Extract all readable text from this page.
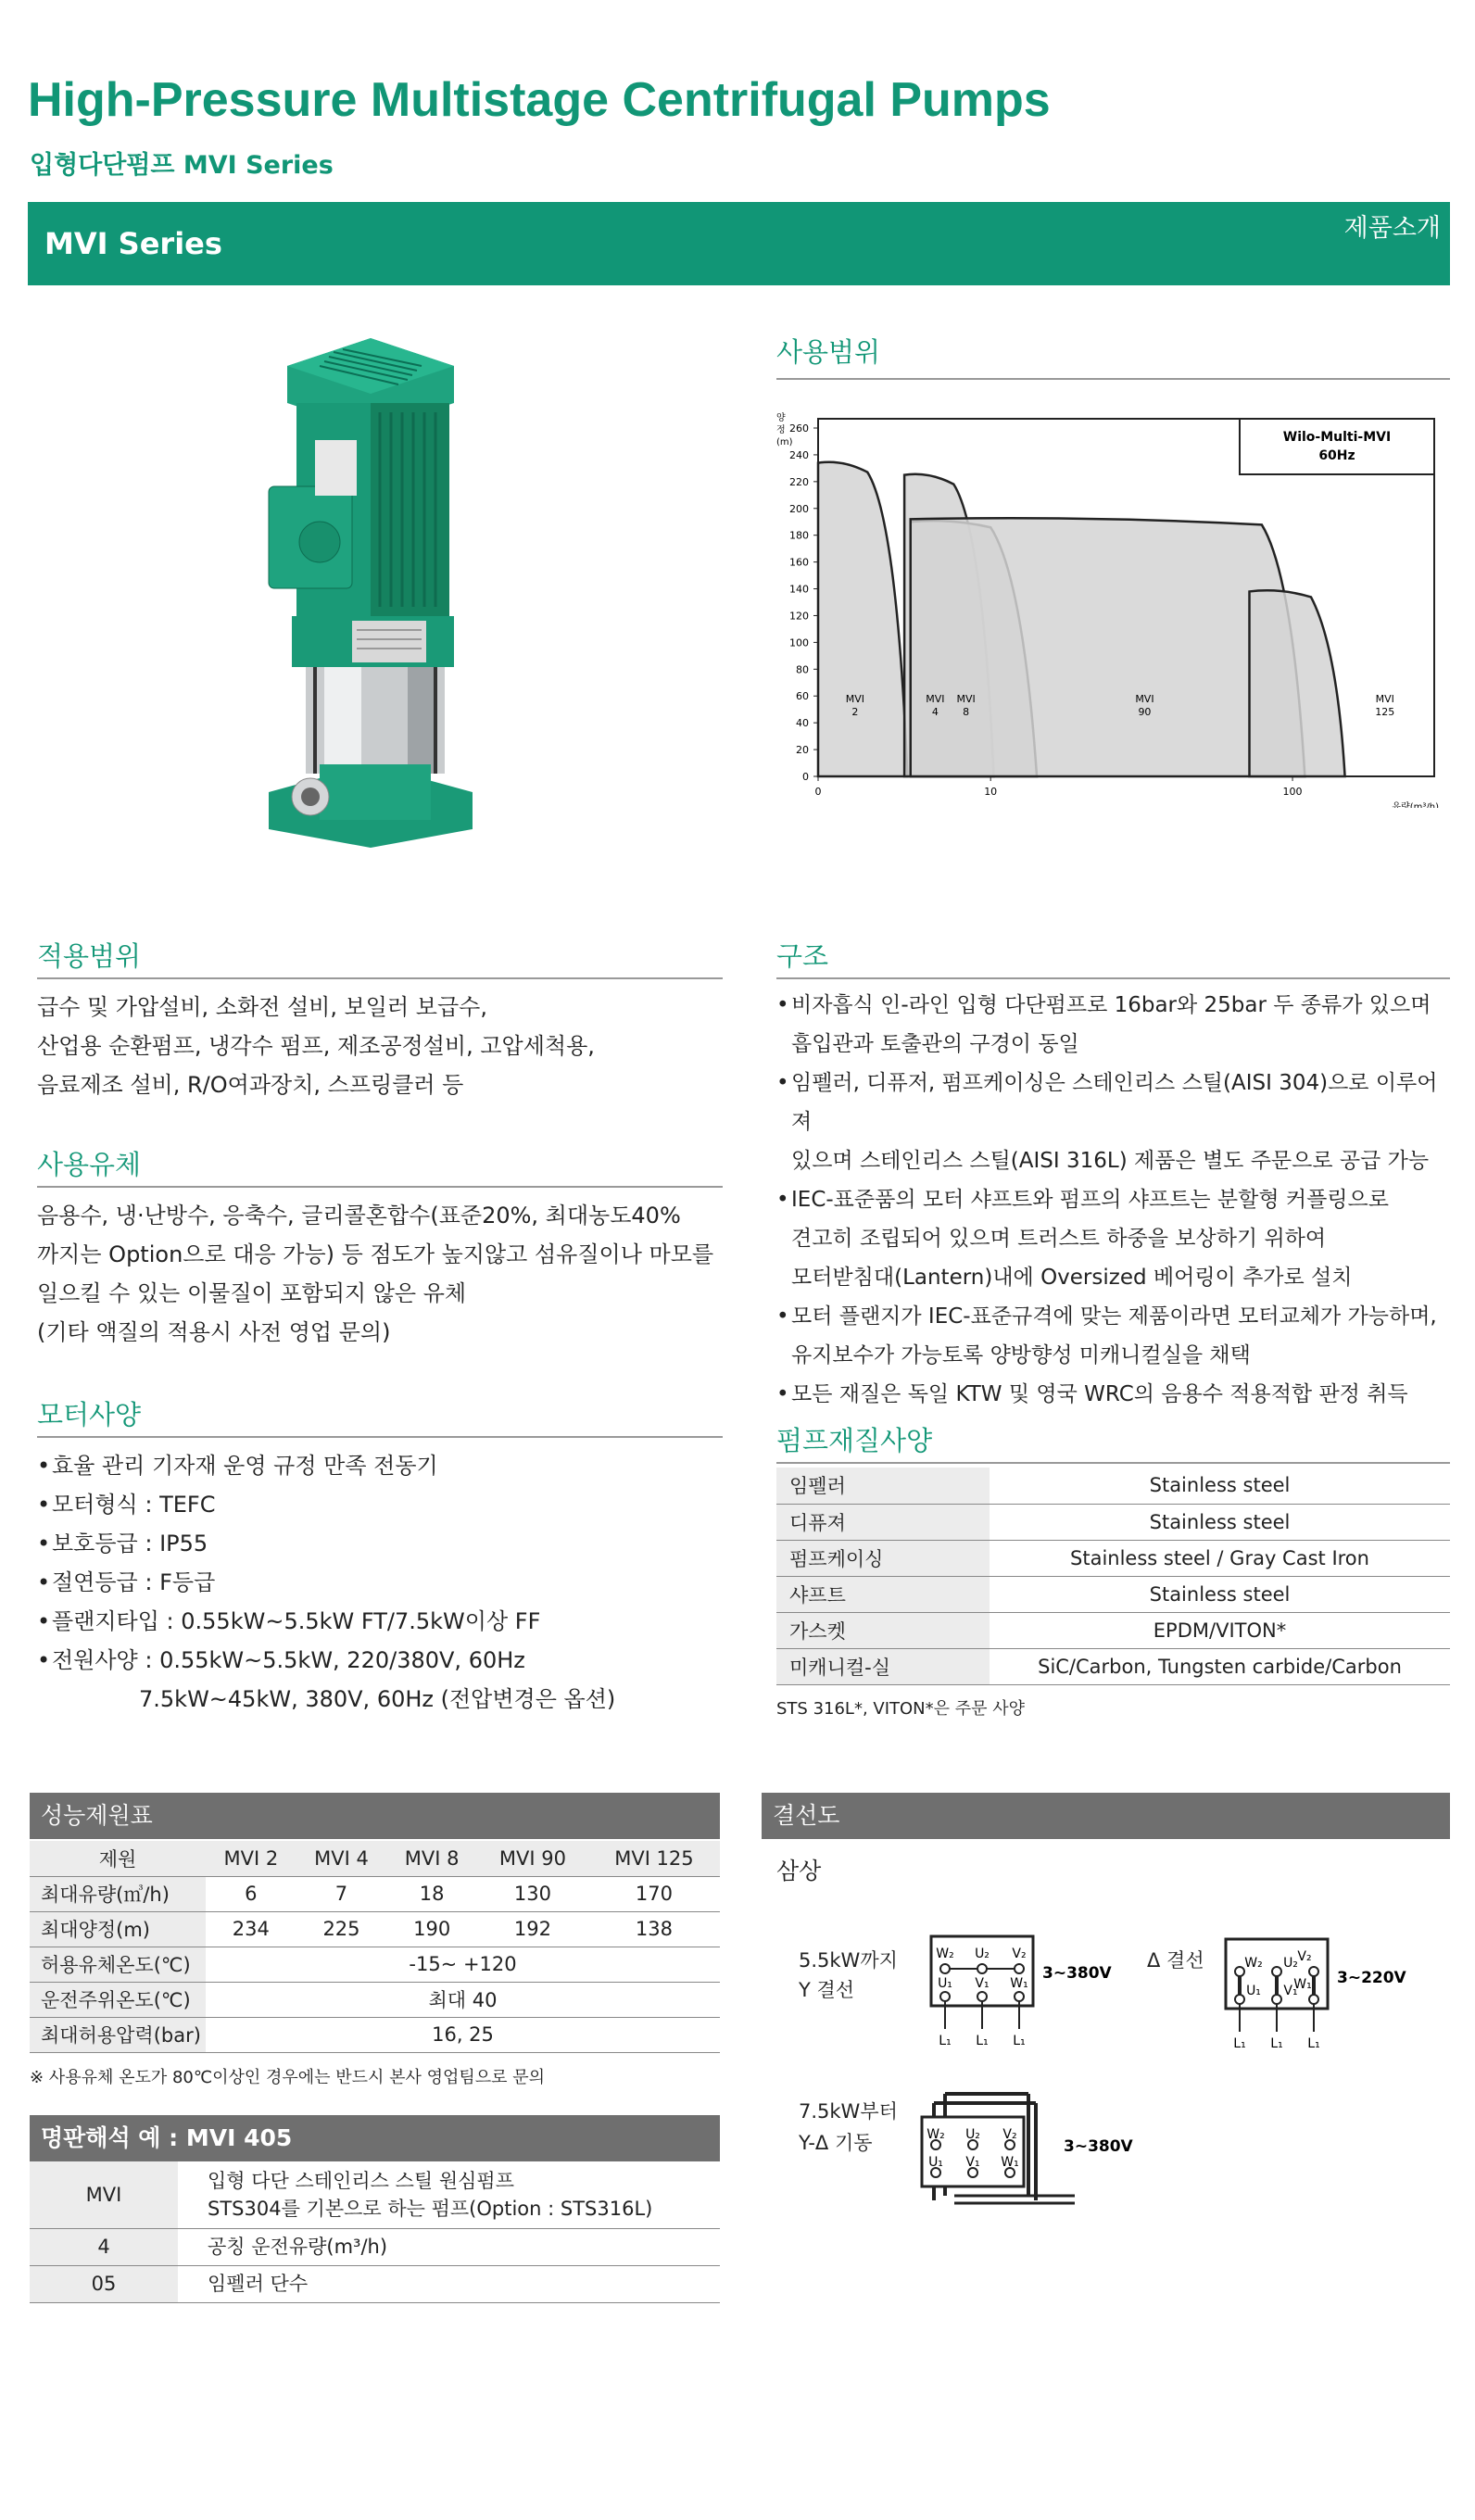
High-Pressure Multistage Centrifugal Pumps
입형다단펌프 MVI Series
MVI Series	제품소개
사용범위
0
20
40
60
80
100
120
140
160
180
200
220
240
260
양
정
(m)
0	10	100
유량(m³/h)
MVI
2
MVI
4
MVI
8
MVI
90
MVI
125
Wilo-Multi-MVI
60Hz
적용범위
급수 및 가압설비, 소화전 설비, 보일러 보급수,
산업용 순환펌프, 냉각수 펌프, 제조공정설비, 고압세척용,
음료제조 설비, R/O여과장치, 스프링클러 등
사용유체
음용수, 냉·난방수, 응축수, 글리콜혼합수(표준20%, 최대농도40%
까지는 Option으로 대응 가능) 등 점도가 높지않고 섬유질이나 마모를
일으킬 수 있는 이물질이 포함되지 않은 유체
(기타 액질의 적용시 사전 영업 문의)
모터사양
• 효율 관리 기자재 운영 규정 만족 전동기
• 모터형식 : TEFC
• 보호등급 : IP55
• 절연등급 : F등급
• 플랜지타입 : 0.55kW~5.5kW FT/7.5kW이상 FF
• 전원사양 : 0.55kW~5.5kW, 220/380V, 60Hz
7.5kW~45kW, 380V, 60Hz (전압변경은 옵션)
구조
• 비자흡식 인-라인 입형 다단펌프로 16bar와 25bar 두 종류가 있으며
흡입관과 토출관의 구경이 동일
• 임펠러, 디퓨저, 펌프케이싱은 스테인리스 스틸(AISI 304)으로 이루어져
있으며 스테인리스 스틸(AISI 316L) 제품은 별도 주문으로 공급 가능
• IEC-표준품의 모터 샤프트와 펌프의 샤프트는 분할형 커플링으로
견고히 조립되어 있으며 트러스트 하중을 보상하기 위하여
모터받침대(Lantern)내에 Oversized 베어링이 추가로 설치
• 모터 플랜지가 IEC-표준규격에 맞는 제품이라면 모터교체가 가능하며,
유지보수가 가능토록 양방향성 미캐니컬실을 채택
• 모든 재질은 독일 KTW 및 영국 WRC의 음용수 적용적합 판정 취득
펌프재질사양
임펠러	Stainless steel
디퓨져	Stainless steel
펌프케이싱	Stainless steel / Gray Cast Iron
샤프트	Stainless steel
가스켓	EPDM/VITON*
미캐니컬-실	SiC/Carbon, Tungsten carbide/Carbon
STS 316L*, VITON*은 주문 사양
성능제원표
제원	MVI 2	MVI 4	MVI 8	MVI 90	MVI 125
최대유량(㎥/h)	6	7	18	130	170
최대양정(m)	234	225	190	192	138
허용유체온도(℃)	-15~ +120				
운전주위온도(℃)	최대 40				
최대허용압력(bar)	16, 25				
※ 사용유체 온도가 80℃이상인 경우에는 반드시 본사 영업팀으로 문의
명판해석 예 : MVI 405
MVI	입형 다단 스테인리스 스틸 원심펌프
STS304를 기본으로 하는 펌프(Option : STS316L)

4	공칭 운전유량(m³/h)
05	임펠러 단수
결선도
삼상
5.5kW까지
Y 결선
W₂ U₂ V₂
U₁ V₁ W₁
L₁ L₁ L₁
3~380V
Δ 결선	W₂ U₂ V₂
U₁ V₁
W₁
L₁ L₁ L₁
3~220V
7.5kW부터
Y-Δ 기동	W₂ U₂ V₂
U₁ V₁ W₁
3~380V
